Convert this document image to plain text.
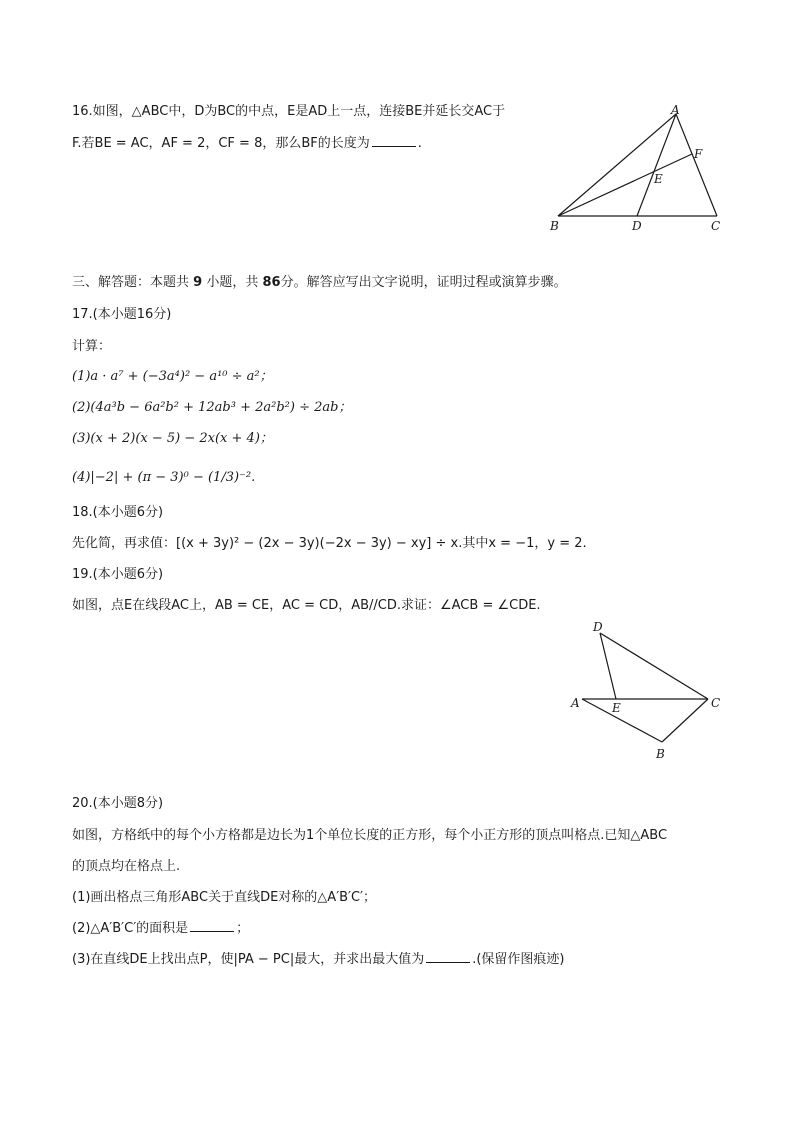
16.如图，△ABC中，D为BC的中点，E是AD上一点，连接BE并延长交AC于
F.若BE = AC，AF = 2，CF = 8，那么BF的长度为	.
A
B	C
D
E
F
三、解答题：本题共 9 小题，共 86分。解答应写出文字说明，证明过程或演算步骤。
17.(本小题16分)
计算：
(1)a · a⁷ + (−3a⁴)² − a¹⁰ ÷ a²；
(2)(4a³b − 6a²b² + 12ab³ + 2a²b²) ÷ 2ab；
(3)(x + 2)(x − 5) − 2x(x + 4)；
(4)|−2| + (π − 3)⁰ − (1/3)⁻².
18.(本小题6分)
先化简，再求值：[(x + 3y)² − (2x − 3y)(−2x − 3y) − xy] ÷ x.其中x = −1，y = 2.
19.(本小题6分)
如图，点E在线段AC上，AB = CE，AC = CD，AB//CD.求证：∠ACB = ∠CDE.
D
A	E	C
B
20.(本小题8分)
如图，方格纸中的每个小方格都是边长为1个单位长度的正方形，每个小正方形的顶点叫格点.已知△ABC
的顶点均在格点上.
(1)画出格点三角形ABC关于直线DE对称的△A′B′C′；
(2)△A′B′C′的面积是	；
(3)在直线DE上找出点P，使|PA − PC|最大，并求出最大值为	.(保留作图痕迹)
